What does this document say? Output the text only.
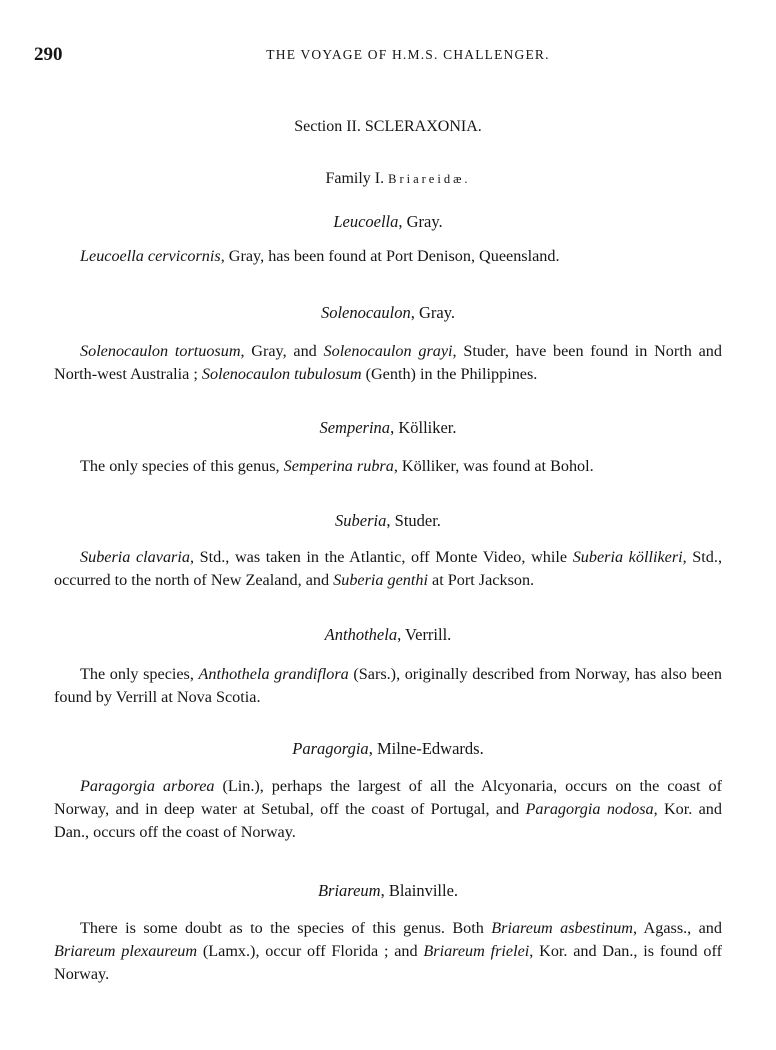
290	THE VOYAGE OF H.M.S. CHALLENGER.
Section II. SCLERAXONIA.
Family I. Briareidæ.
Leucoella, Gray.
Leucoella cervicornis, Gray, has been found at Port Denison, Queensland.
Solenocaulon, Gray.
Solenocaulon tortuosum, Gray, and Solenocaulon grayi, Studer, have been found in North and North-west Australia ; Solenocaulon tubulosum (Genth) in the Philippines.
Semperina, Kölliker.
The only species of this genus, Semperina rubra, Kölliker, was found at Bohol.
Suberia, Studer.
Suberia clavaria, Std., was taken in the Atlantic, off Monte Video, while Suberia köllikeri, Std., occurred to the north of New Zealand, and Suberia genthi at Port Jackson.
Anthothela, Verrill.
The only species, Anthothela grandiflora (Sars.), originally described from Norway, has also been found by Verrill at Nova Scotia.
Paragorgia, Milne-Edwards.
Paragorgia arborea (Lin.), perhaps the largest of all the Alcyonaria, occurs on the coast of Norway, and in deep water at Setubal, off the coast of Portugal, and Paragorgia nodosa, Kor. and Dan., occurs off the coast of Norway.
Briareum, Blainville.
There is some doubt as to the species of this genus. Both Briareum asbestinum, Agass., and Briareum plexaureum (Lamx.), occur off Florida ; and Briareum frielei, Kor. and Dan., is found off Norway.
